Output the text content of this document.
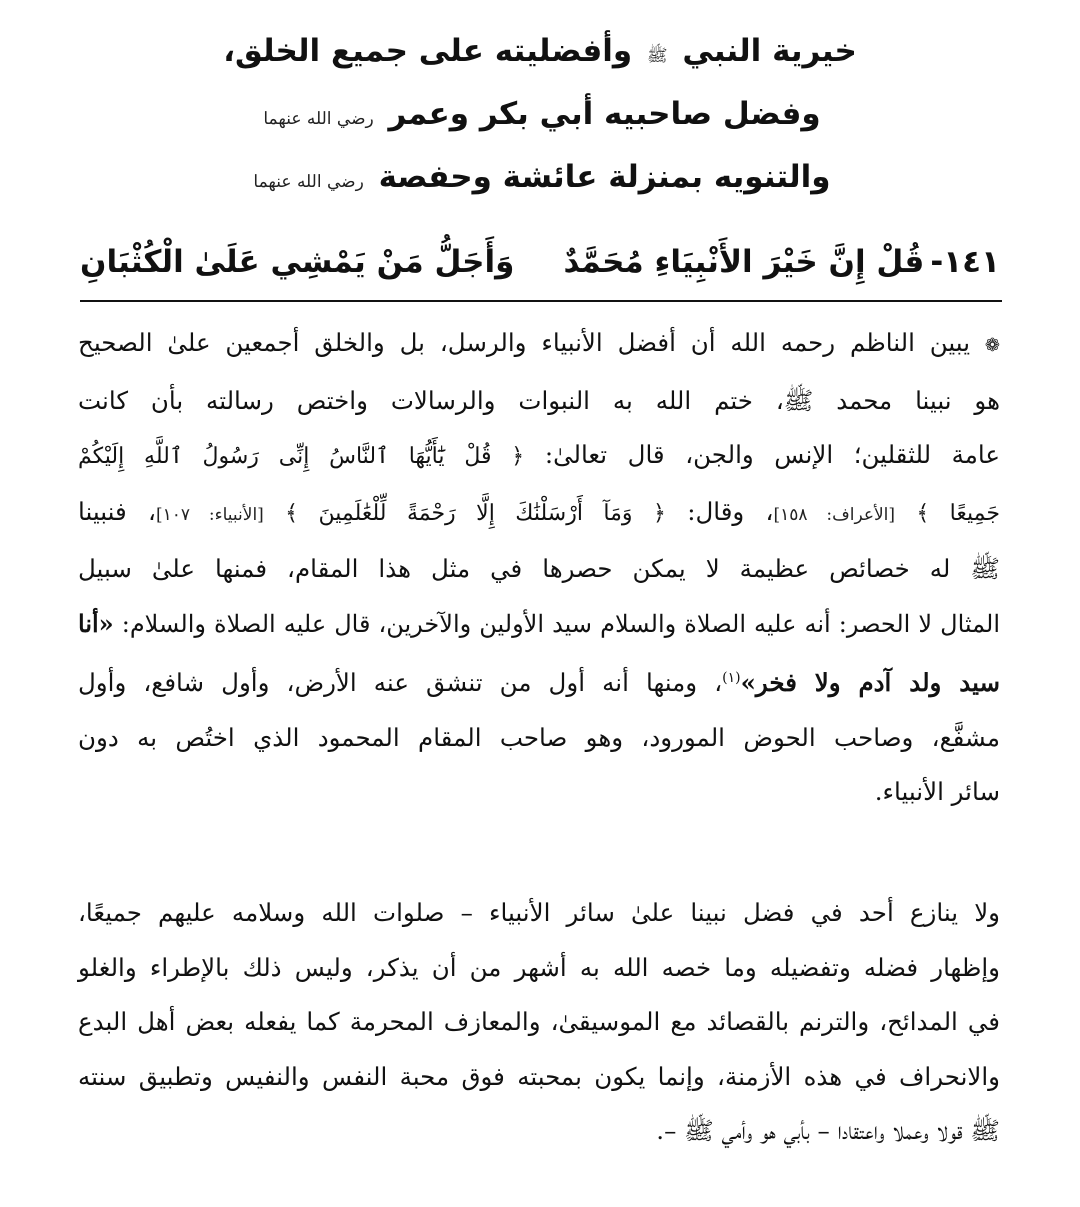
خيرية النبي ﷺ وأفضليته على جميع الخلق،
وفضل صاحبيه أبي بكر وعمر رضي الله عنهما
والتنويه بمنزلة عائشة وحفصة رضي الله عنهما
١٤١-
قُلْ إِنَّ خَيْرَ الأَنْبِيَاءِ مُحَمَّدٌ
وَأَجَلُّ مَنْ يَمْشِي عَلَىٰ الْكُثْبَانِ
❁ يبين الناظم رحمه الله أن أفضل الأنبياء والرسل، بل والخلق أجمعين علىٰ الصحيح
هو نبينا محمد ﷺ، ختم الله به النبوات والرسالات واختص رسالته بأن كانت
عامة للثقلين؛ الإنس والجن، قال تعالىٰ: ﴿ قُلْ يَٰٓأَيُّهَا ٱلنَّاسُ إِنِّى رَسُولُ ٱللَّهِ إِلَيْكُمْ
جَمِيعًا ﴾ [الأعراف: ١٥٨]، وقال: ﴿ وَمَآ أَرْسَلْنَٰكَ إِلَّا رَحْمَةً لِّلْعَٰلَمِينَ ﴾ [الأنبياء: ١٠٧]، فنبينا
ﷺ له خصائص عظيمة لا يمكن حصرها في مثل هذا المقام، فمنها علىٰ سبيل
المثال لا الحصر: أنه عليه الصلاة والسلام سيد الأولين والآخرين، قال عليه الصلاة والسلام: «أنا
سيد ولد آدم ولا فخر»$^{(١)}$، ومنها أنه أول من تنشق عنه الأرض، وأول شافع، وأول
مشفَّع، وصاحب الحوض المورود، وهو صاحب المقام المحمود الذي اختُص به دون
سائر الأنبياء.
ولا ينازع أحد في فضل نبينا علىٰ سائر الأنبياء – صلوات الله وسلامه عليهم جميعًا،
وإظهار فضله وتفضيله وما خصه الله به أشهر من أن يذكر، وليس ذلك بالإطراء والغلو
في المدائح، والترنم بالقصائد مع الموسيقىٰ، والمعازف المحرمة كما يفعله بعض أهل البدع
والانحراف في هذه الأزمنة، وإنما يكون بمحبته فوق محبة النفس والنفيس وتطبيق سنته
ﷺ قولا وعملا واعتقادا – بأبي هو وأمي ﷺ –.
